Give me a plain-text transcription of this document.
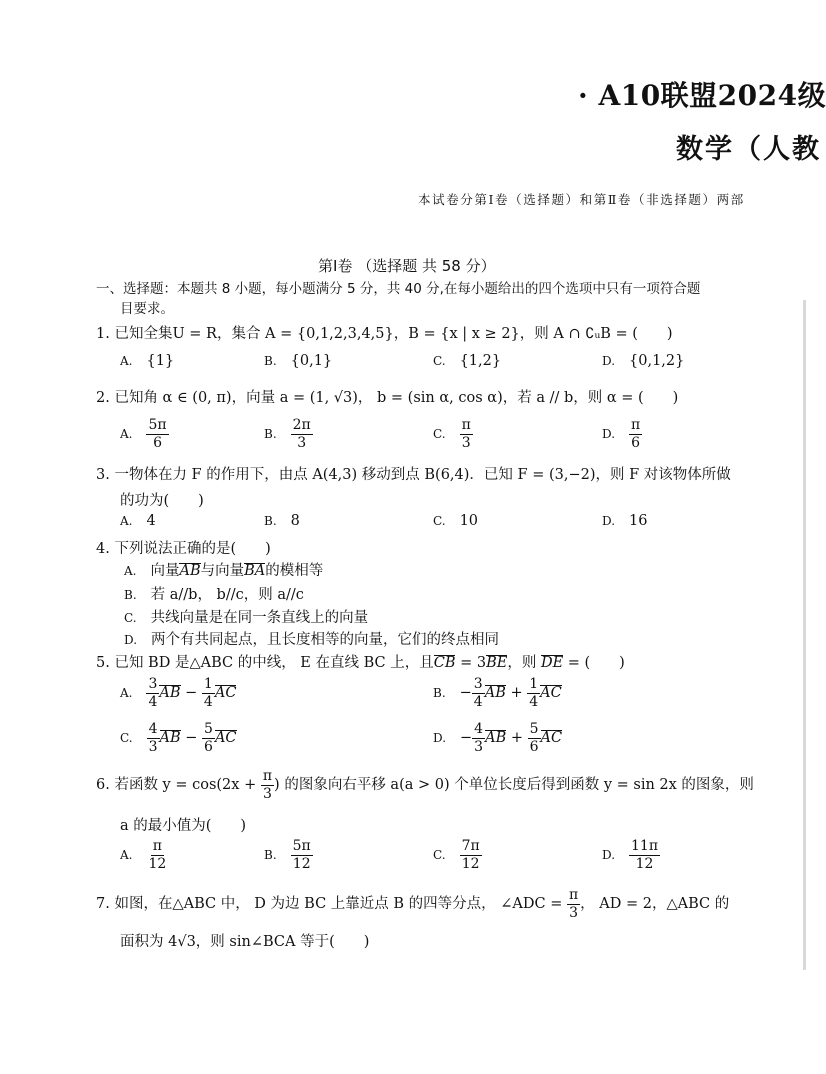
· A10联盟2024级
数学（人教
本试卷分第Ⅰ卷（选择题）和第Ⅱ卷（非选择题）两部
第Ⅰ卷 （选择题 共 58 分）
一、选择题：本题共 8 小题，每小题满分 5 分，共 40 分,在每小题给出的四个选项中只有一项符合题
目要求。
1. 已知全集U = R，集合 A = {0,1,2,3,4,5}，B = {x | x ≥ 2}，则 A ∩ ∁ᵤB = (　　)
A. {1}	B. {0,1}	C. {1,2}	D. {0,1,2}
2. 已知角 α ∈ (0, π)，向量 a = (1, √3)， b = (sin α, cos α)，若 a // b，则 α = (　　)
A. $\frac{5\pi}{6}$	B. $\frac{2\pi}{3}$	C. $\frac{\pi}{3}$	D. $\frac{\pi}{6}$
3. 一物体在力 F 的作用下，由点 A(4,3) 移动到点 B(6,4)．已知 F = (3,−2)，则 F 对该物体所做
的功为(　　)
A. 4	B. 8	C. 10	D. 16
4. 下列说法正确的是(　　)
A. 向量AB与向量BA的模相等
B. 若 a//b， b//c，则 a//c
C. 共线向量是在同一条直线上的向量
D. 两个有共同起点，且长度相等的向量，它们的终点相同
5. 已知 BD 是△ABC 的中线， E 在直线 BC 上，且CB = 3BE，则 DE = (　　)
A. $\frac{3}{4}$ AB − $\frac{1}{4}$ AC	B. − $\frac{3}{4}$ AB + $\frac{1}{4}$ AC
C. $\frac{4}{3}$ AB − $\frac{5}{6}$ AC	D. − $\frac{4}{3}$ AB + $\frac{5}{6}$ AC
6. 若函数 $y = \cos(2x + \frac{\pi}{3}$ ) 的图象向右平移 a(a > 0) 个单位长度后得到函数 y = sin 2x 的图象，则
a 的最小值为(　　)
A. $\frac{\pi}{12}$	B. $\frac{5\pi}{12}$	C. $\frac{7\pi}{12}$	D. $\frac{11\pi}{12}$
7. 如图，在△ABC 中， D 为边 BC 上靠近点 B 的四等分点， ∠ADC = $\frac{\pi}{3}$ ， AD = 2，△ABC 的
面积为 4√3，则 sin∠BCA 等于(　　)
